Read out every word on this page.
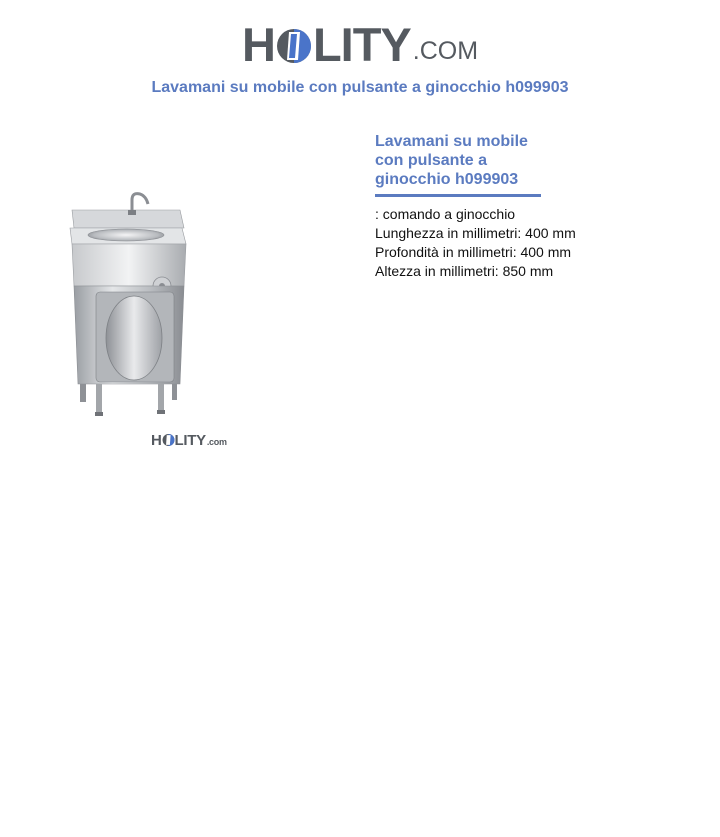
H LITY .COM
Lavamani su mobile con pulsante a ginocchio h099903
H LITY .com
Lavamani su mobile con pulsante a ginocchio h099903
: comando a ginocchio
Lunghezza in millimetri: 400 mm
Profondità in millimetri: 400 mm
Altezza in millimetri: 850 mm
